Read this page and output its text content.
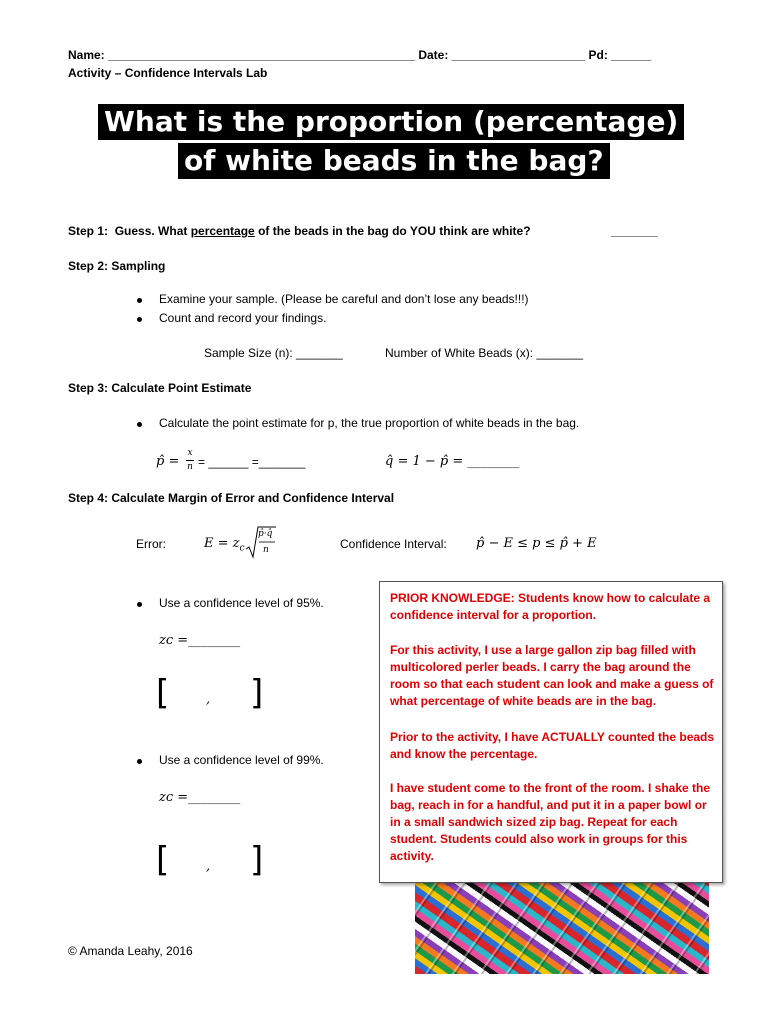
Name: ______________________________________________ Date: ____________________ Pd: ______
Activity – Confidence Intervals Lab
What is the proportion (percentage)
of white beads in the bag?
Step 1: Guess. What percentage of the beads in the bag do YOU think are white?	_______
Step 2: Sampling
Examine your sample. (Please be careful and don’t lose any beads!!!)
Count and record your findings.
Sample Size (n): _______	Number of White Beads (x): _______
Step 3: Calculate Point Estimate
Calculate the point estimate for p, the true proportion of white beads in the bag.
p̂ =
x
n = ______ =_______	q̂ = 1 − p̂ = ________
Step 4: Calculate Margin of Error and Confidence Interval
Error:	$E = z_c$
p̂·q̂
n	Confidence Interval: p̂ − E ≤ p ≤ p̂ + E
Use a confidence level of 95%.
zᴄ =________
[	, ]
Use a confidence level of 99%.
zᴄ =________
[	, ]

PRIOR KNOWLEDGE: Students know how to calculate a confidence interval for a proportion.

For this activity, I use a large gallon zip bag filled with multicolored perler beads. I carry the bag around the room so that each student can look and make a guess of what percentage of white beads are in the bag.

Prior to the activity, I have ACTUALLY counted the beads and know the percentage.

I have student come to the front of the room. I shake the bag, reach in for a handful, and put it in a paper bowl or in a small sandwich sized zip bag. Repeat for each student. Students could also work in groups for this activity.

© Amanda Leahy, 2016
